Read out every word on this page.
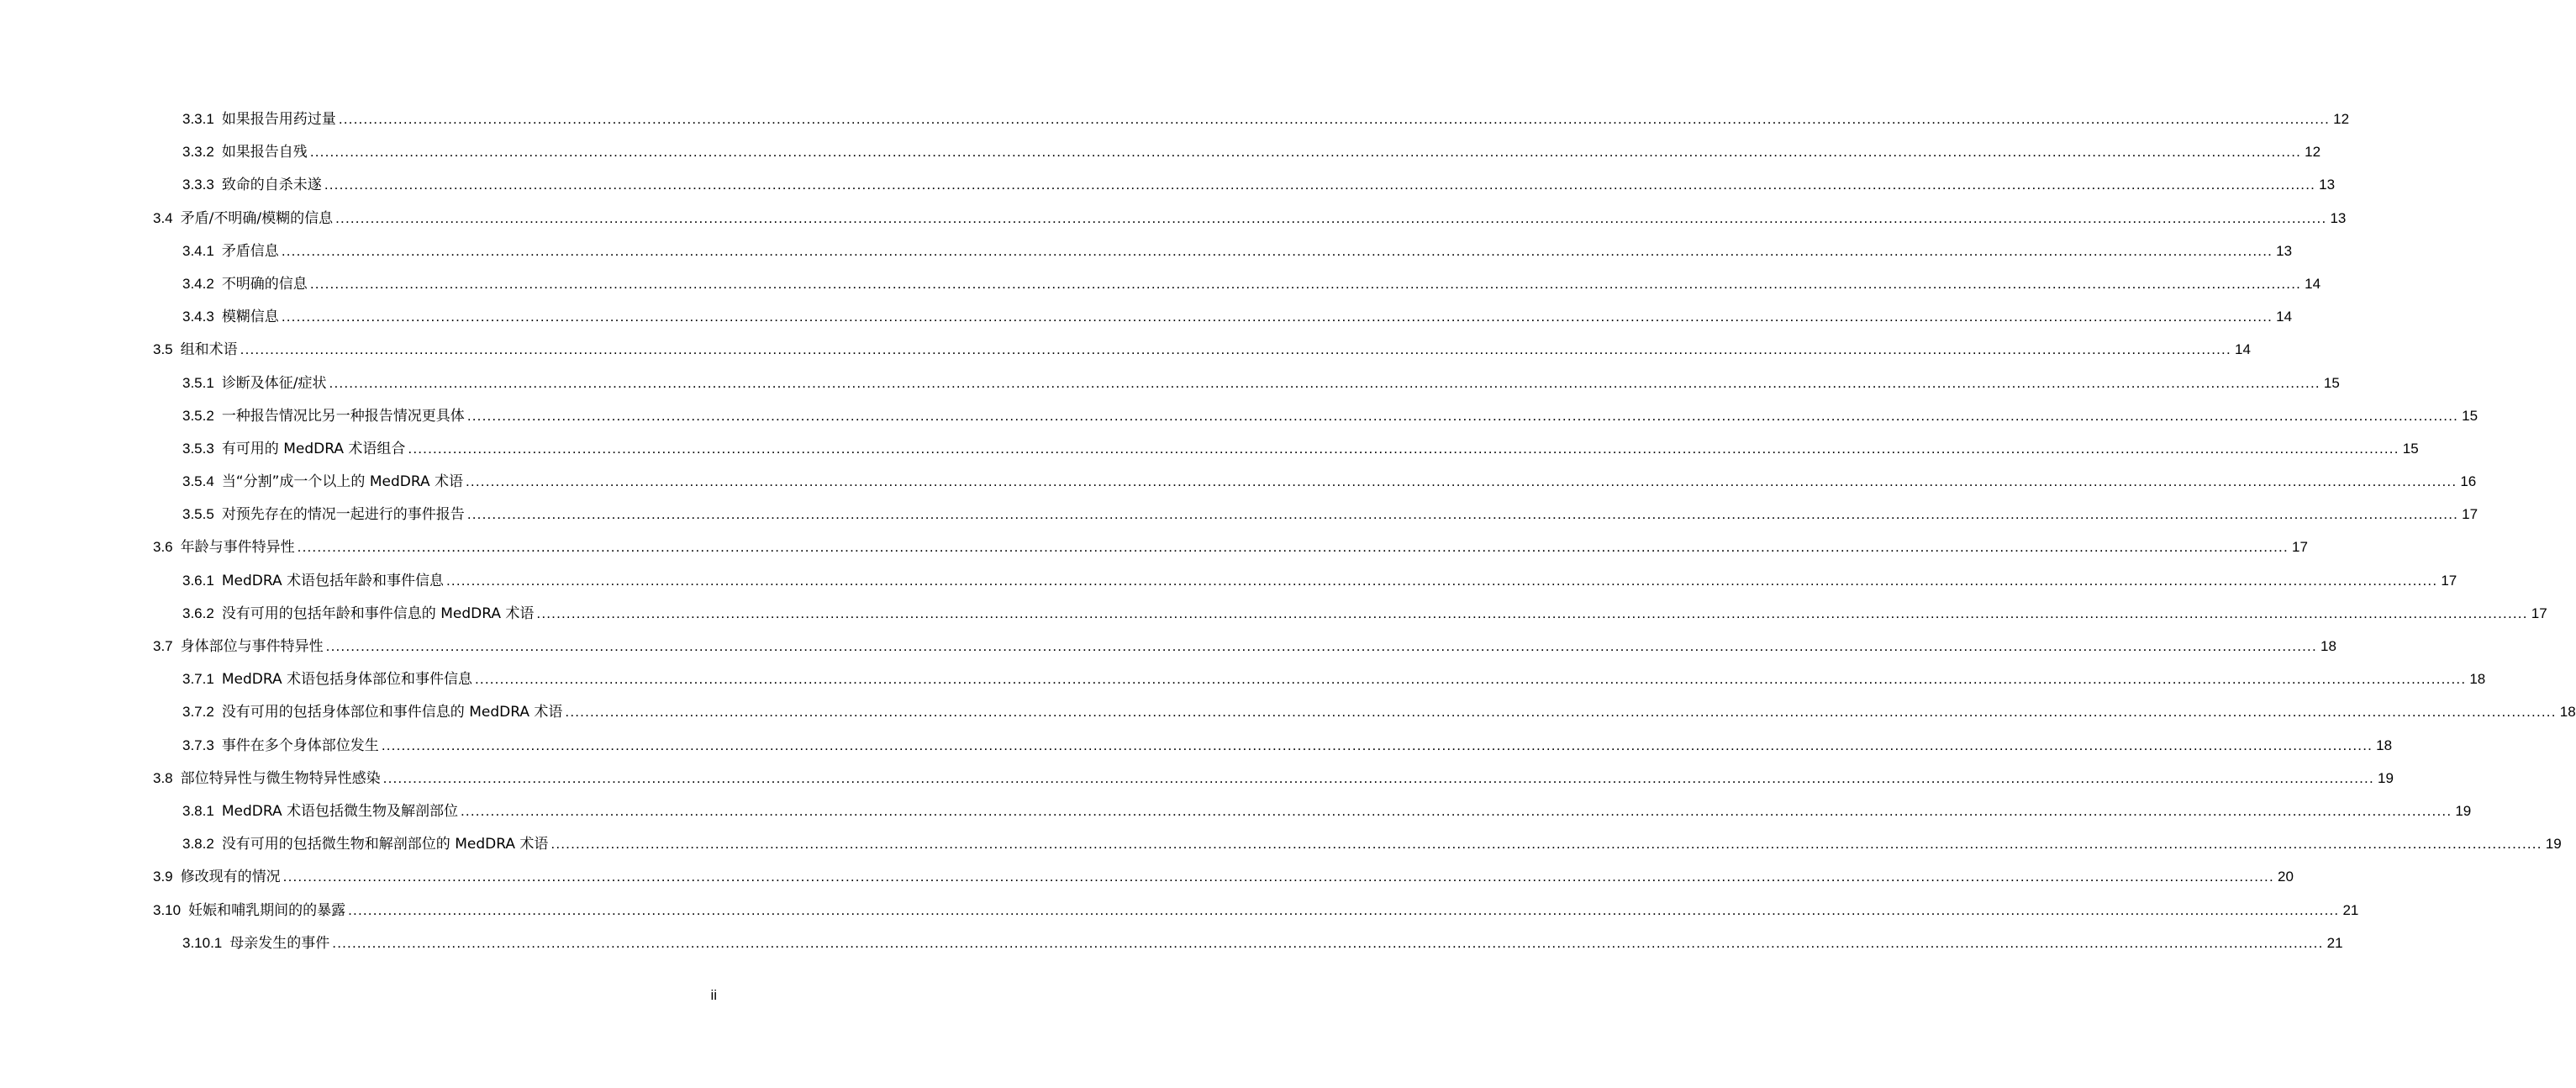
3.3.1 如果报告用药过量 ................................................................................................................................................................................................................................................................................................................................................................................................................ 12
3.3.2 如果报告自残 ................................................................................................................................................................................................................................................................................................................................................................................................................ 12
3.3.3 致命的自杀未遂 ................................................................................................................................................................................................................................................................................................................................................................................................................ 13
3.4 矛盾/不明确/模糊的信息 ................................................................................................................................................................................................................................................................................................................................................................................................................ 13
3.4.1 矛盾信息 ................................................................................................................................................................................................................................................................................................................................................................................................................ 13
3.4.2 不明确的信息 ................................................................................................................................................................................................................................................................................................................................................................................................................ 14
3.4.3 模糊信息 ................................................................................................................................................................................................................................................................................................................................................................................................................ 14
3.5 组和术语 ................................................................................................................................................................................................................................................................................................................................................................................................................ 14
3.5.1 诊断及体征/症状 ................................................................................................................................................................................................................................................................................................................................................................................................................ 15
3.5.2 一种报告情况比另一种报告情况更具体 ................................................................................................................................................................................................................................................................................................................................................................................................................ 15
3.5.3 有可用的 MedDRA 术语组合 ................................................................................................................................................................................................................................................................................................................................................................................................................ 15
3.5.4 当“分割”成一个以上的 MedDRA 术语 ................................................................................................................................................................................................................................................................................................................................................................................................................ 16
3.5.5 对预先存在的情况一起进行的事件报告 ................................................................................................................................................................................................................................................................................................................................................................................................................ 17
3.6 年龄与事件特异性 ................................................................................................................................................................................................................................................................................................................................................................................................................ 17
3.6.1 MedDRA 术语包括年龄和事件信息 ................................................................................................................................................................................................................................................................................................................................................................................................................ 17
3.6.2 没有可用的包括年龄和事件信息的 MedDRA 术语 ................................................................................................................................................................................................................................................................................................................................................................................................................ 17
3.7 身体部位与事件特异性 ................................................................................................................................................................................................................................................................................................................................................................................................................ 18
3.7.1 MedDRA 术语包括身体部位和事件信息 ................................................................................................................................................................................................................................................................................................................................................................................................................ 18
3.7.2 没有可用的包括身体部位和事件信息的 MedDRA 术语 ................................................................................................................................................................................................................................................................................................................................................................................................................ 18
3.7.3 事件在多个身体部位发生 ................................................................................................................................................................................................................................................................................................................................................................................................................ 18
3.8 部位特异性与微生物特异性感染 ................................................................................................................................................................................................................................................................................................................................................................................................................ 19
3.8.1 MedDRA 术语包括微生物及解剖部位 ................................................................................................................................................................................................................................................................................................................................................................................................................ 19
3.8.2 没有可用的包括微生物和解剖部位的 MedDRA 术语 ................................................................................................................................................................................................................................................................................................................................................................................................................ 19
3.9 修改现有的情况 ................................................................................................................................................................................................................................................................................................................................................................................................................ 20
3.10 妊娠和哺乳期间的的暴露 ................................................................................................................................................................................................................................................................................................................................................................................................................ 21
3.10.1 母亲发生的事件 ................................................................................................................................................................................................................................................................................................................................................................................................................ 21
ii
